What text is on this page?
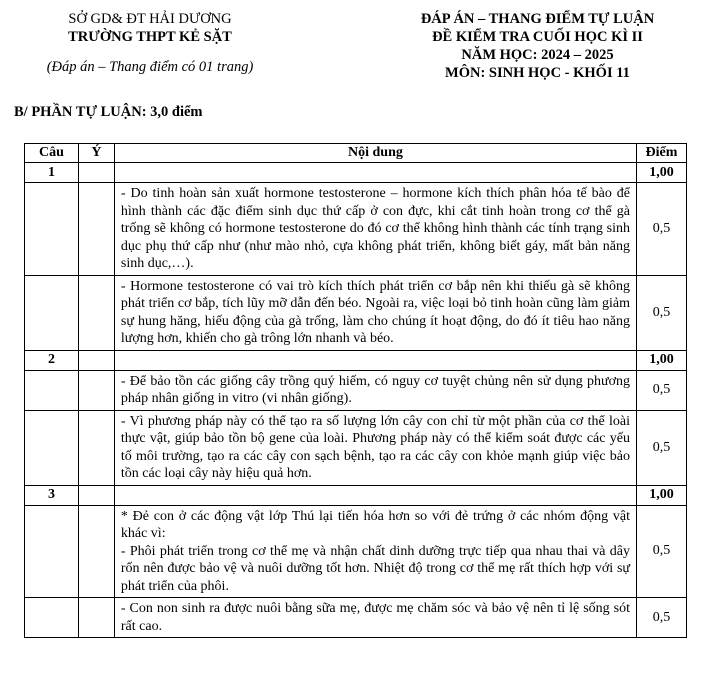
SỞ GD& ĐT HẢI DƯƠNG
TRƯỜNG THPT KẺ SẶT
(Đáp án – Thang điểm có 01 trang)
ĐÁP ÁN – THANG ĐIỂM TỰ LUẬN
ĐỀ KIỂM TRA CUỐI HỌC KÌ II
NĂM HỌC: 2024 – 2025
MÔN: SINH HỌC - KHỐI 11
B/ PHẦN TỰ LUẬN: 3,0 điểm
Câu	Ý	Nội dung	Điểm
1			1,00

		- Do tinh hoàn sản xuất hormone testosterone – hormone kích thích phân hóa tế bào để hình thành các đặc điểm sinh dục thứ cấp ở con đực, khi cắt tinh hoàn trong cơ thể gà trống sẽ không có hormone testosterone do đó cơ thể không hình thành các tính trạng sinh dục phụ thứ cấp như (như mào nhỏ, cựa không phát triển, không biết gáy, mất bản năng sinh dục,…).	0,5

		- Hormone testosterone có vai trò kích thích phát triển cơ bắp nên khi thiếu gà sẽ không phát triển cơ bắp, tích lũy mỡ dẫn đến béo. Ngoài ra, việc loại bỏ tinh hoàn cũng làm giảm sự hung hăng, hiếu động của gà trống, làm cho chúng ít hoạt động, do đó ít tiêu hao năng lượng hơn, khiến cho gà trông lớn nhanh và béo.	0,5
2			1,00

		- Để bảo tồn các giống cây trồng quý hiếm, có nguy cơ tuyệt chủng nên sử dụng phương pháp nhân giống in vitro (vi nhân giống).	0,5

		- Vì phương pháp này có thể tạo ra số lượng lớn cây con chỉ từ một phần của cơ thể loài thực vật, giúp bảo tồn bộ gene của loài. Phương pháp này có thể kiểm soát được các yếu tố môi trường, tạo ra các cây con sạch bệnh, tạo ra các cây con khỏe mạnh giúp việc bảo tồn các loại cây này hiệu quả hơn.	0,5
3			1,00

		* Đẻ con ở các động vật lớp Thú lại tiến hóa hơn so với đẻ trứng ở các nhóm động vật khác vì:
- Phôi phát triển trong cơ thể mẹ và nhận chất dinh dưỡng trực tiếp qua nhau thai và dây rốn nên được bảo vệ và nuôi dưỡng tốt hơn. Nhiệt độ trong cơ thể mẹ rất thích hợp với sự phát triển của phôi.	0,5

		- Con non sinh ra được nuôi bằng sữa mẹ, được mẹ chăm sóc và bảo vệ nên tỉ lệ sống sót rất cao.	0,5
